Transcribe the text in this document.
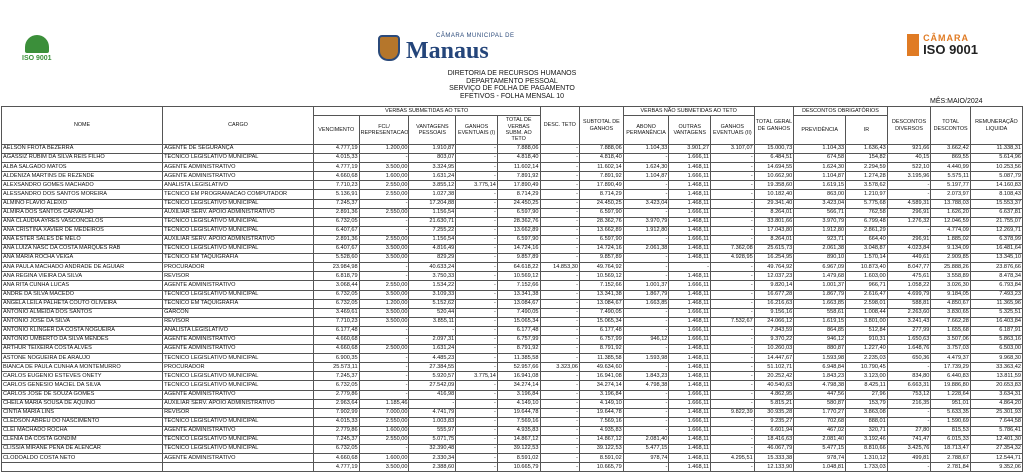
ISO 9001
CÂMARA MUNICIPAL DE
Manaus	CÂMARA
ISO 9001
DIRETORIA DE RECURSOS HUMANOS
DEPARTAMENTO PESSOAL
SERVIÇO DE FOLHA DE PAGAMENTO
EFETIVOS - FOLHA MENSAL 10
MÊS:MAIO/2024
NOME	CARGO	VERBAS SUBMETIDAS AO TETO					DESC. TETO	SUBTOTAL DE GANHOS	VERBAS NÃO SUBMETIDAS AO TETO			TOTAL GERAL DE GANHOS	DESCONTOS OBRIGATÓRIOS		DESCONTOS DIVERSOS	TOTAL DESCONTOS	REMUNERAÇÃO LIQUIDA
		VENCIMENTO	FCL/ REPRESENTACAO	VANTAGENS PESSOAIS	GANHOS EVENTUAIS (I)	TOTAL DE VERBAS SUBM. AO TETO			ABONO PERMANÊNCIA	OUTRAS VANTAGENS	GANHOS EVENTUAIS (II)		PREVIDÊNCIA	IR			
AELSON FROTA BEZERRA	AGENTE DE SEGURANÇA	4.777,19	1.200,00	1.910,87	-	7.888,06	-	7.888,06	1.104,33	3.901,27	3.107,07	15.000,73	1.104,33	1.636,43	921,66	3.662,42	11.338,31
AGASSIZ RUBIM DA SILVA REIS FILHO	TECNICO LEGISLATIVO MUNICIPAL	4.015,33	-	803,07	-	4.818,40	-	4.818,40	-	1.666,11	-	6.484,51	674,58	154,82	40,15	869,55	5.614,96
ALBA SALGADO MATOS	AGENTE ADMINISTRATIVO	4.777,19	3.500,00	3.324,95	-	11.602,14	-	11.602,14	1.624,30	1.468,11	-	14.694,55	1.624,30	2.294,59	522,10	4.440,99	10.253,56
ALDENIZA MARTINS DE REZENDE	AGENTE ADMINISTRATIVO	4.660,68	1.600,00	1.631,24	-	7.891,92	-	7.891,92	1.104,87	1.666,11	-	10.662,90	1.104,87	1.274,28	3.195,96	5.575,11	5.087,79
ALEXSANDRO GOMES MACHADO	ANALISTA LEGISLATIVO	7.710,23	2.550,00	3.855,12	3.775,14	17.890,49	-	17.890,49	-	1.468,11	-	19.358,60	1.619,15	3.578,62	-	5.197,77	14.160,83
ALESSANDRO DOS SANTOS MOREIRA	TECNICO EM PROGRAMACAO COMPUTADOR	5.136,91	2.550,00	1.027,38	-	8.714,29	-	8.714,29	-	1.468,11	-	10.182,40	863,00	1.210,97	-	2.073,97	8.108,43
ALMINO FLAVIO ALEIXO	TECNICO LEGISLATIVO MUNICIPAL	7.245,37	-	17.204,88	-	24.450,25	-	24.450,25	3.423,04	1.468,11	-	29.341,40	3.423,04	5.775,68	4.589,31	13.788,03	15.553,37
ALMIRA DOS SANTOS CARVALHO	AUXILIAR SERV. APOIO ADMINISTRATIVO	2.891,36	2.550,00	1.156,54	-	6.597,90	-	6.597,90	-	1.666,11	-	8.264,01	566,71	762,58	296,91	1.626,20	6.637,81
ANA CLAUDIA AYRES VASCONCELOS	TECNICO LEGISLATIVO MUNICIPAL	6.732,05	-	21.630,71	-	28.362,76	-	28.362,76	3.970,79	1.468,11	-	33.801,66	3.970,79	6.799,48	1.276,32	12.046,59	21.755,07
ANA CRISTINA XAVIER DE MEDEIROS	TECNICO LEGISLATIVO MUNICIPAL	6.407,67	-	7.255,22	-	13.662,89	-	13.662,89	1.912,80	1.468,11	-	17.043,80	1.912,80	2.861,29	-	4.774,09	12.269,71
ANA ESTER SALES DE MELO	AUXILIAR SERV. APOIO ADMINISTRATIVO	2.891,36	2.550,00	1.156,54	-	6.597,90	-	6.597,90	-	1.666,11	-	8.264,01	923,71	664,40	296,91	1.885,02	6.378,99
ANA LUIZA NASC DA COSTA MARQUES RAB	TECNICO LEGISLATIVO MUNICIPAL	6.407,67	3.500,00	4.816,49	-	14.724,16	-	14.724,16	2.061,38	1.468,11	7.362,08	25.615,73	2.061,38	3.048,87	4.023,84	9.134,09	16.481,64
ANA MARIA ROCHA VEIGA	TECNICO EM TAQUIGRAFIA	5.528,60	3.500,00	829,29	-	9.857,89	-	9.857,89	-	1.468,11	4.928,95	16.254,95	890,10	1.570,14	449,61	2.909,85	13.345,10
ANA PAULA MACHADO ANDRADE DE AGUIAR	PROCURADOR	23.984,98	-	40.633,24	-	64.618,22	14.853,30	49.764,92	-	-	-	49.764,92	6.967,09	10.873,40	8.047,77	25.888,26	23.876,66
ANA REGINA VIEIRA DA SILVA	REVISOR	6.818,79	-	3.750,33	-	10.569,12	-	10.569,12	-	1.468,11	-	12.037,23	1.479,68	1.603,00	475,61	3.558,89	8.478,34
ANA RITA CUNHA LUCAS	AGENTE ADMINISTRATIVO	3.068,44	2.550,00	1.534,22	-	7.152,66	-	7.152,66	1.001,37	1.666,11	-	9.820,14	1.001,37	966,71	1.058,22	3.026,30	6.793,84
ANDRE DA SILVA MACEDO	TECNICO LEGISLATIVO MUNICIPAL	6.732,05	3.500,00	3.109,33	-	13.341,38	-	13.341,38	1.867,79	1.468,11	-	16.677,28	1.867,79	2.616,47	4.699,79	9.184,05	7.493,23
ANGELA LEILA PALHETA COUTO OLIVEIRA	TECNICO EM TAQUIGRAFIA	6.732,05	1.200,00	5.152,62	-	13.084,67	-	13.084,67	1.663,85	1.468,11	-	16.216,63	1.663,85	2.598,01	588,81	4.850,67	11.365,96
ANTONIO ALMEIDA DOS SANTOS	GARCON	3.469,61	3.500,00	520,44	-	7.490,05	-	7.490,05	-	1.666,11	-	9.156,16	558,61	1.008,44	2.263,60	3.830,65	5.325,51
ANTONIO JOSE DA SILVA	REVISOR	7.710,23	3.500,00	3.855,11	-	15.065,34	-	15.065,34	-	1.468,11	7.532,67	24.066,12	1.619,15	3.801,00	3.241,43	7.662,28	16.403,84
ANTONIO KLINGER DA COSTA NOGUEIRA	ANALISTA LEGISLATIVO	6.177,48	-	-	-	6.177,48	-	6.177,48	-	1.666,11	-	7.843,59	864,85	512,84	277,99	1.655,68	6.187,91
ANTONIO UMBERTO DA SILVA MENDES	AGENTE ADMINISTRATIVO	4.660,68	-	2.097,31	-	6.757,99	-	6.757,99	946,12	1.666,11	-	9.370,22	946,12	910,31	1.650,63	3.507,06	5.863,16
ARTHUR TEIXEIRA COSTA ALVES	AGENTE ADMINISTRATIVO	4.660,68	2.500,00	1.631,24	-	8.791,92	-	8.791,92	-	1.468,11	-	10.260,03	880,87	1.227,40	1.648,76	3.757,03	6.503,00
ASTONE NOGUEIRA DE ARAUJO	TECNICO LEGISLATIVO MUNICIPAL	6.900,35	-	4.485,23	-	11.385,58	-	11.385,58	1.593,98	1.468,11	-	14.447,67	1.593,98	2.235,03	650,36	4.479,37	9.968,30
BIANCA DE PAULA CUNHA A MONTEMURRO	PROCURADOR	25.573,11	-	27.384,55	-	52.957,66	3.323,06	49.634,60	-	1.468,11	-	51.102,71	6.948,84	10.790,45	-	17.739,29	33.363,42
CARLOS EUGENIO ESTEVES ONETY	TECNICO LEGISLATIVO MUNICIPAL	7.245,37	-	5.920,57	3.775,14	16.941,08	-	16.941,08	1.843,23	1.468,11	-	20.252,42	1.843,23	3.123,00	834,80	6.440,83	13.811,59
CARLOS GENESIO MACIEL DA SILVA	TECNICO LEGISLATIVO MUNICIPAL	6.732,05	-	27.542,09	-	34.274,14	-	34.274,14	4.798,38	1.468,11	-	40.540,63	4.798,38	8.425,11	6.663,31	19.886,80	20.653,83
CARLOS JOSE DE SOUZA GOMES	AGENTE ADMINISTRATIVO	2.779,86	-	416,98	-	3.196,84	-	3.196,84	-	1.666,11	-	4.862,95	447,56	27,96	753,12	1.228,64	3.634,31
CHEILA MARIA SOUSA DE AQUINO	AUXILIAR SERV. APOIO ADMINISTRATIVO	2.963,64	1.185,46	-	-	4.149,10	-	4.149,10	-	1.666,11	-	5.815,21	580,87	153,79	216,35	951,01	4.864,20
CINTIA MARIA LINS	REVISOR	7.902,99	7.000,00	4.741,79	-	19.644,78	-	19.644,78	-	1.468,11	9.822,39	30.935,28	1.770,27	3.863,08	-	5.633,35	25.301,93
CLEDSON ABREU DO NASCIMENTO	TECNICO LEGISLATIVO MUNICIPAL	4.015,33	2.550,00	1.003,83	-	7.569,16	-	7.569,16	-	1.666,11	-	9.235,27	702,68	888,01	-	1.590,69	7.644,58
CLEI MACHADO ROCHA	AGENTE ADMINISTRATIVO	2.779,86	1.600,00	555,97	-	4.935,83	-	4.935,83	-	1.666,11	-	6.601,94	467,02	320,71	27,80	815,53	5.786,41
CLENIA DA COSTA GONDIM	TECNICO LEGISLATIVO MUNICIPAL	7.245,37	2.550,00	5.071,75	-	14.867,12	-	14.867,12	2.081,40	1.468,11	-	18.416,63	2.081,40	3.192,46	741,47	6.015,33	12.401,30
CLISSIA MIRANE PENA DE ALENCAR	TECNICO LEGISLATIVO MUNICIPAL	6.732,05	-	32.390,48	-	39.122,53	-	39.122,53	5.477,15	1.468,11	-	46.067,79	5.477,15	8.810,66	3.425,76	18.713,47	27.354,32
CLODOALDO COSTA NETO	AGENTE ADMINISTRATIVO	4.660,68	1.600,00	2.330,34	-	8.591,02	-	8.591,02	978,74	1.468,11	4.295,51	15.333,38	978,74	1.310,12	499,81	2.788,67	12.544,71
		4.777,19	3.500,00	2.388,60	-	10.665,79	-	10.665,79	-	1.468,11	-	12.133,90	1.048,81	1.733,03	-	2.781,84	9.352,06
